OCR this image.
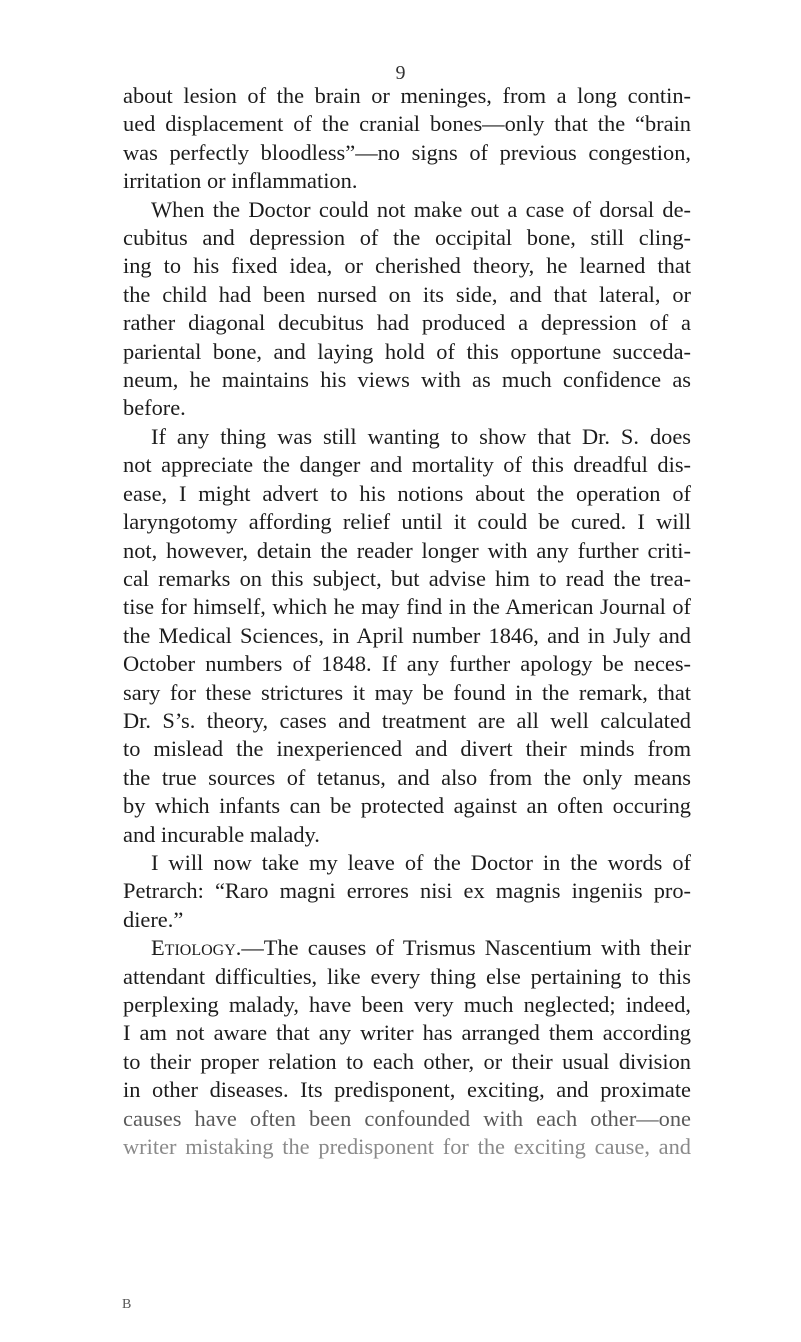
9
about lesion of the brain or meninges, from a long contin-
ued displacement of the cranial bones—only that the “brain
was perfectly bloodless”—no signs of previous congestion,
irritation or inflammation.
When the Doctor could not make out a case of dorsal de-
cubitus and depression of the occipital bone, still cling-
ing to his fixed idea, or cherished theory, he learned that
the child had been nursed on its side, and that lateral, or
rather diagonal decubitus had produced a depression of a
pariental bone, and laying hold of this opportune succeda-
neum, he maintains his views with as much confidence as
before.
If any thing was still wanting to show that Dr. S. does
not appreciate the danger and mortality of this dreadful dis-
ease, I might advert to his notions about the operation of
laryngotomy affording relief until it could be cured. I will
not, however, detain the reader longer with any further criti-
cal remarks on this subject, but advise him to read the trea-
tise for himself, which he may find in the American Journal of
the Medical Sciences, in April number 1846, and in July and
October numbers of 1848. If any further apology be neces-
sary for these strictures it may be found in the remark, that
Dr. S’s. theory, cases and treatment are all well calculated
to mislead the inexperienced and divert their minds from
the true sources of tetanus, and also from the only means
by which infants can be protected against an often occuring
and incurable malady.
I will now take my leave of the Doctor in the words of
Petrarch: “Raro magni errores nisi ex magnis ingeniis pro-
diere.”
Etiology.—The causes of Trismus Nascentium with their
attendant difficulties, like every thing else pertaining to this
perplexing malady, have been very much neglected; indeed,
I am not aware that any writer has arranged them according
to their proper relation to each other, or their usual division
in other diseases. Its predisponent, exciting, and proximate
causes have often been confounded with each other—one
writer mistaking the predisponent for the exciting cause, and
B
